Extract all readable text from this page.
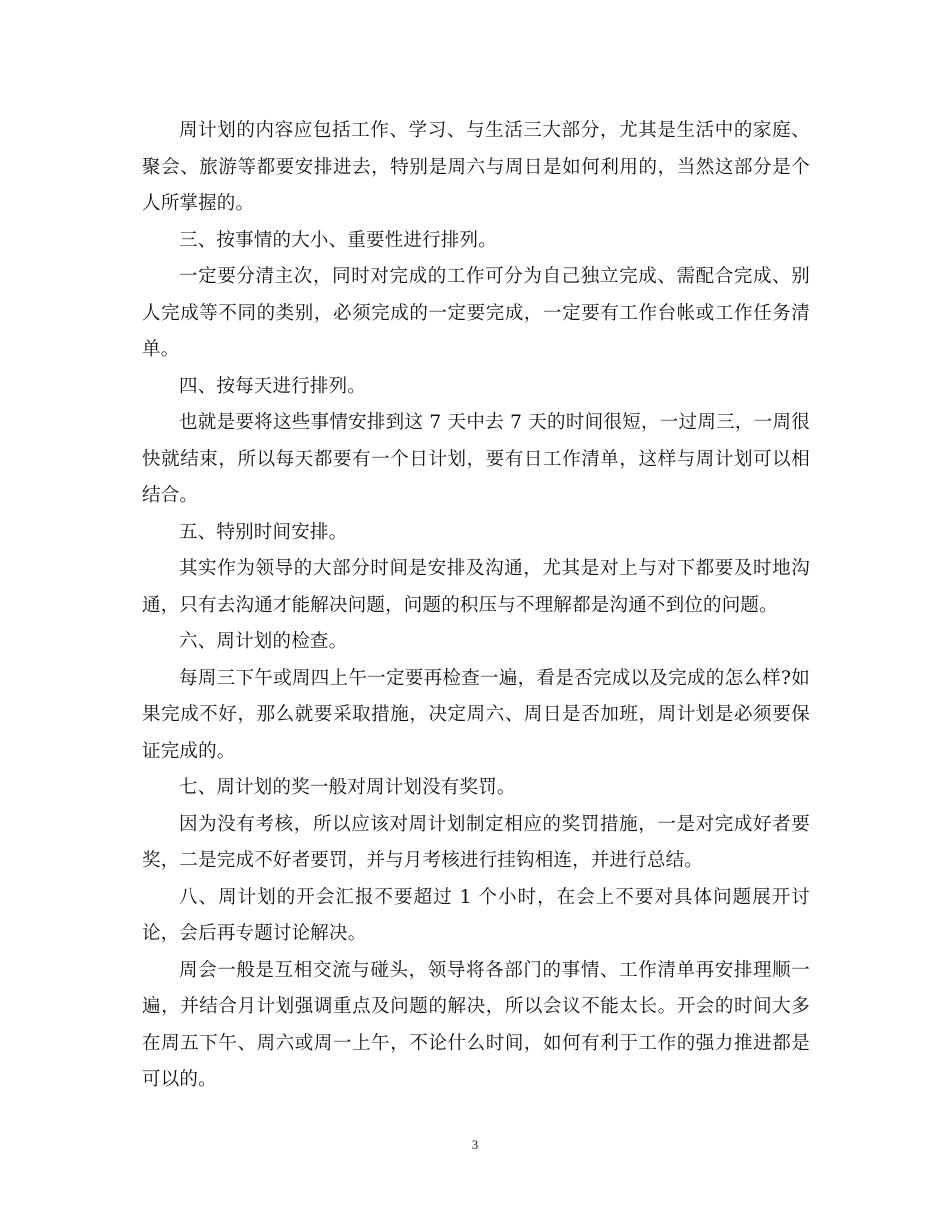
周计划的内容应包括工作、学习、与生活三大部分，尤其是生活中的家庭、聚会、旅游等都要安排进去，特别是周六与周日是如何利用的，当然这部分是个人所掌握的。

三、按事情的大小、重要性进行排列。

一定要分清主次，同时对完成的工作可分为自己独立完成、需配合完成、别人完成等不同的类别，必须完成的一定要完成，一定要有工作台帐或工作任务清单。

四、按每天进行排列。

也就是要将这些事情安排到这 7 天中去 7 天的时间很短，一过周三，一周很快就结束，所以每天都要有一个日计划，要有日工作清单，这样与周计划可以相结合。

五、特别时间安排。

其实作为领导的大部分时间是安排及沟通，尤其是对上与对下都要及时地沟通，只有去沟通才能解决问题，问题的积压与不理解都是沟通不到位的问题。

六、周计划的检查。

每周三下午或周四上午一定要再检查一遍，看是否完成以及完成的怎么样?如果完成不好，那么就要采取措施，决定周六、周日是否加班，周计划是必须要保证完成的。

七、周计划的奖一般对周计划没有奖罚。

因为没有考核，所以应该对周计划制定相应的奖罚措施，一是对完成好者要奖，二是完成不好者要罚，并与月考核进行挂钩相连，并进行总结。

八、周计划的开会汇报不要超过 1 个小时，在会上不要对具体问题展开讨论，会后再专题讨论解决。

周会一般是互相交流与碰头，领导将各部门的事情、工作清单再安排理顺一遍，并结合月计划强调重点及问题的解决，所以会议不能太长。开会的时间大多在周五下午、周六或周一上午，不论什么时间，如何有利于工作的强力推进都是可以的。

3
